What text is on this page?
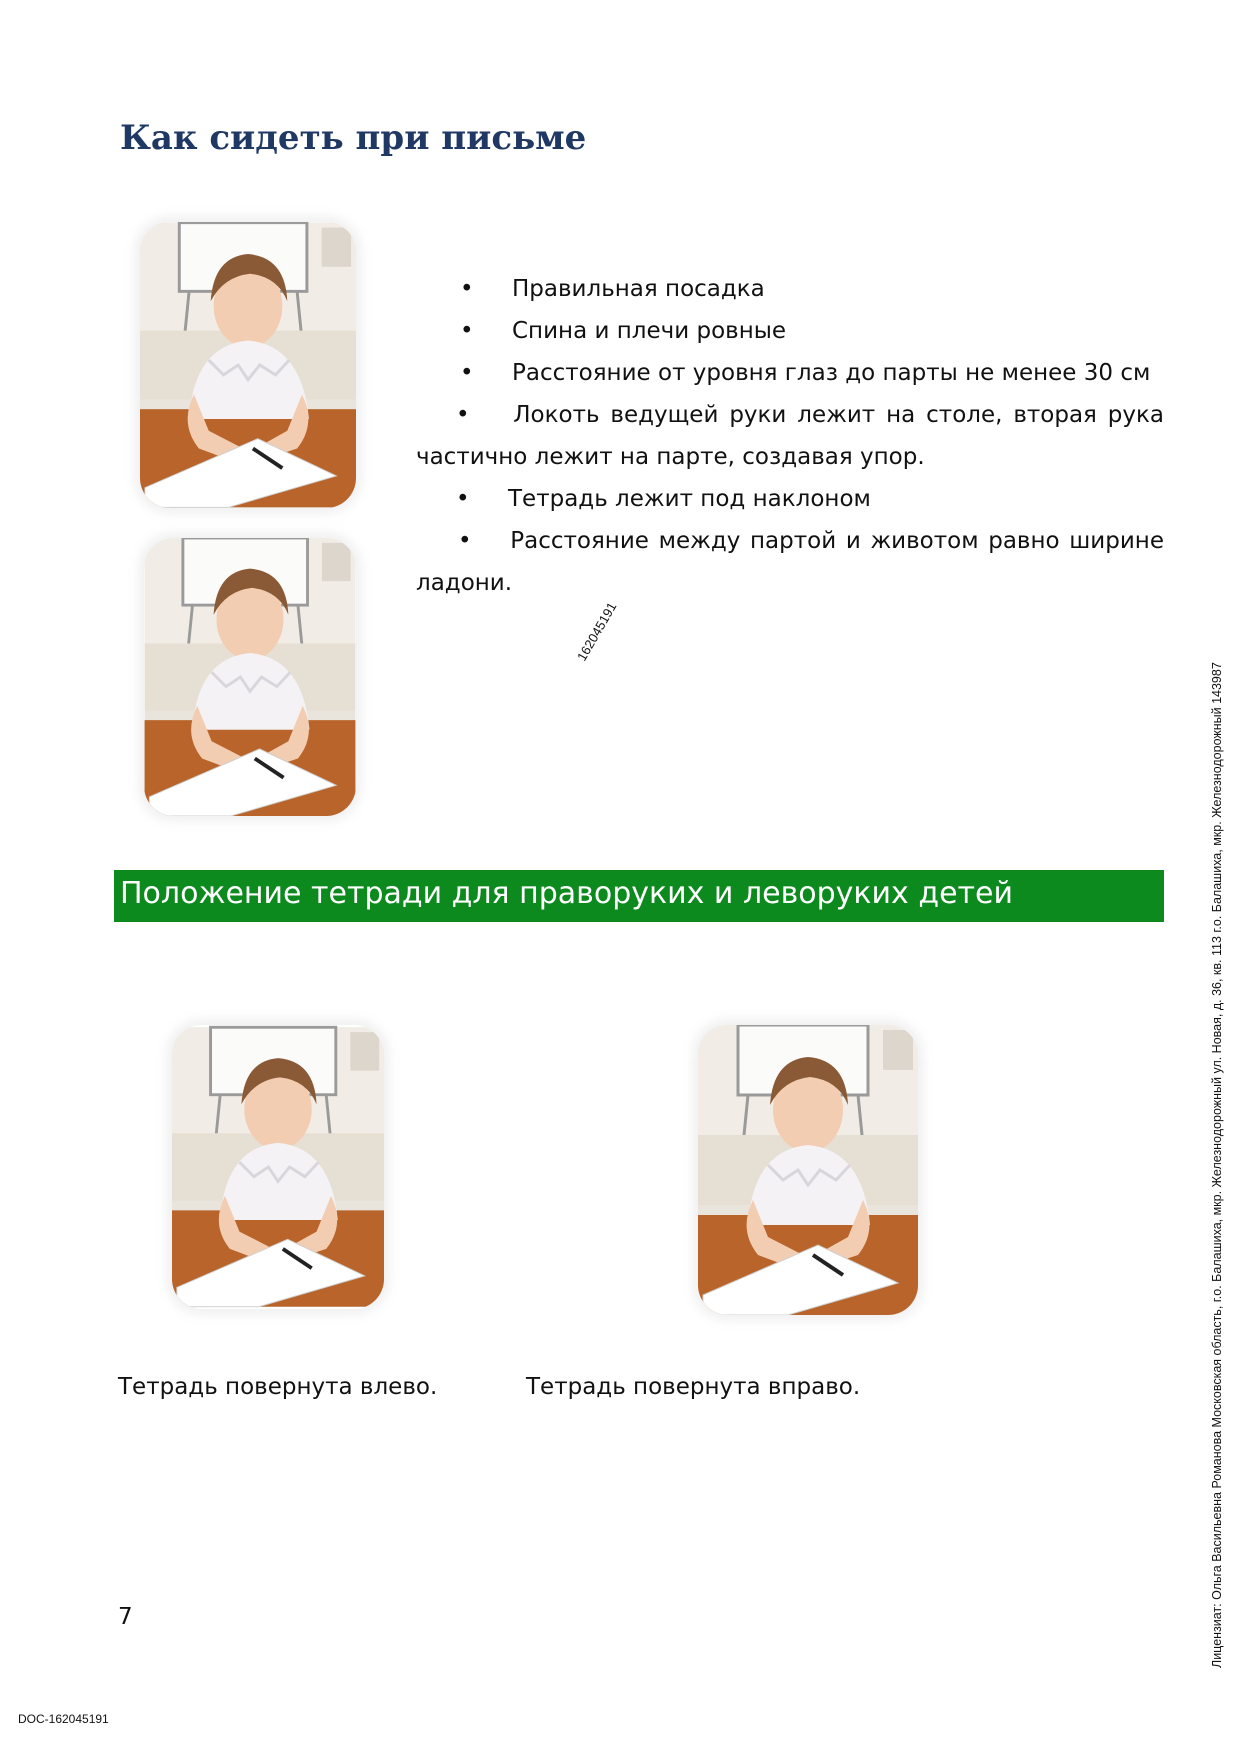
Как сидеть при письме
• Правильная посадка
• Спина и плечи ровные
• Расстояние от уровня глаз до парты не менее 30 см
• Локоть ведущей руки лежит на столе, вторая рука частично лежит на парте, создавая упор.
• Тетрадь лежит под наклоном
• Расстояние между партой и животом равно ширине ладони.
162045191
Положение тетради для праворуких и леворуких детей
Тетрадь повернута влево.	Тетрадь повернута вправо.
7
DOC-162045191
Лицензиат: Ольга Васильевна Романова Московская область, г.о. Балашиха, мкр. Железнодорожный ул. Новая, д. 36, кв. 113 г.о. Балашиха, мкр. Железнодорожный 143987
